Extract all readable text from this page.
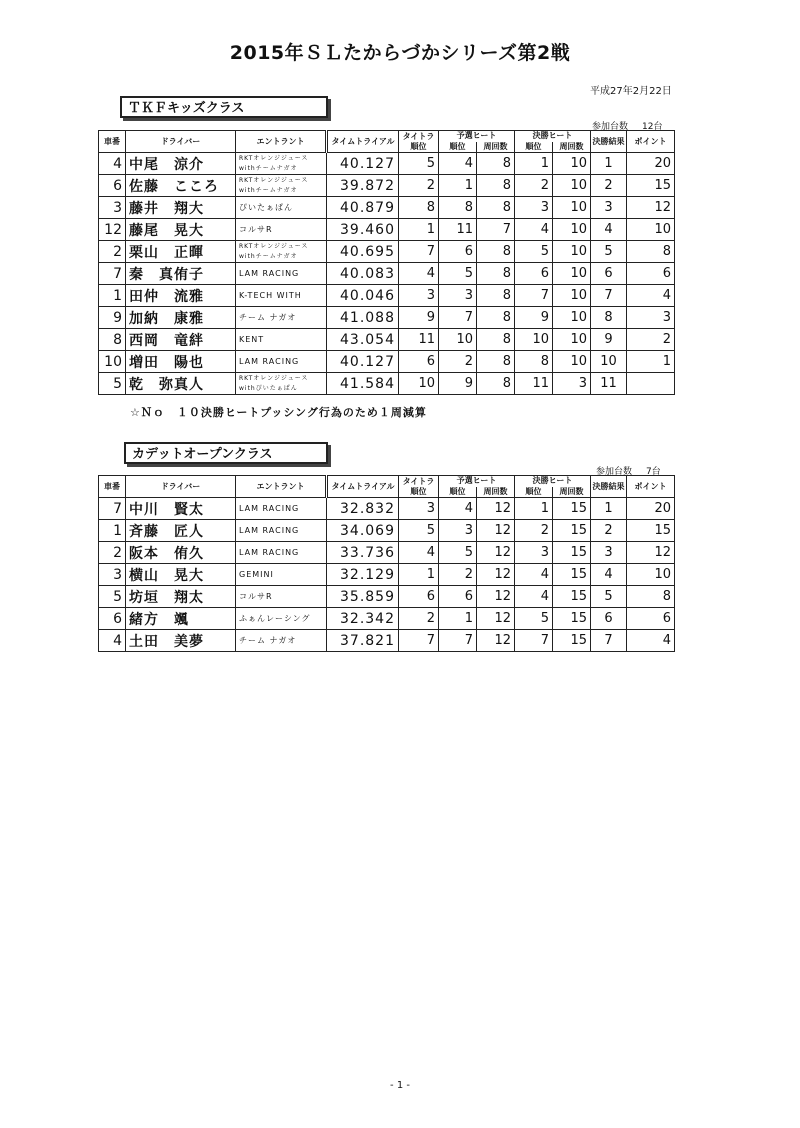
2015年ＳＬたからづかシリーズ第2戦
平成27年2月22日
ＴＫＦキッズクラス
参加台数 12台
車番	ドライバー	エントラント	タイムトライアル	タイトラ順位	予選ヒート		決勝ヒート		決勝結果	ポイント
					順位	周回数	順位	周回数		
4	中尾　涼介	RKTオレンジジュース
withチームナガオ	40.127	5	4	8	1	10	1	20
6	佐藤　こころ	RKTオレンジジュース
withチームナガオ	39.872	2	1	8	2	10	2	15
3	藤井　翔大	ぴいたぁぱん	40.879	8	8	8	3	10	3	12
12	藤尾　晃大	コルサR	39.460	1	11	7	4	10	4	10
2	栗山　正暉	RKTオレンジジュース
withチームナガオ	40.695	7	6	8	5	10	5	8
7	秦　真侑子	LAM RACING	40.083	4	5	8	6	10	6	6
1	田仲　流雅	K-TECH WITH	40.046	3	3	8	7	10	7	4
9	加納　康雅	チーム ナガオ	41.088	9	7	8	9	10	8	3
8	西岡　竜絆	KENT	43.054	11	10	8	10	10	9	2
10	増田　陽也	LAM RACING	40.127	6	2	8	8	10	10	1
5	乾　弥真人	RKTオレンジジュース
withぴいたぁぱん	41.584	10	9	8	11	3	11	
☆Ｎｏ　１０決勝ヒートプッシング行為のため１周減算
カデットオープンクラス
参加台数 7台
車番	ドライバー	エントラント	タイムトライアル	タイトラ順位	予選ヒート		決勝ヒート		決勝結果	ポイント
					順位	周回数	順位	周回数		
7	中川　賢太	LAM RACING	32.832	3	4	12	1	15	1	20
1	斉藤　匠人	LAM RACING	34.069	5	3	12	2	15	2	15
2	阪本　侑久	LAM RACING	33.736	4	5	12	3	15	3	12
3	横山　晃大	GEMINI	32.129	1	2	12	4	15	4	10
5	坊垣　翔太	コルサR	35.859	6	6	12	4	15	5	8
6	緒方　颯	ふぁんレーシング	32.342	2	1	12	5	15	6	6
4	土田　美夢	チーム ナガオ	37.821	7	7	12	7	15	7	4
- 1 -
